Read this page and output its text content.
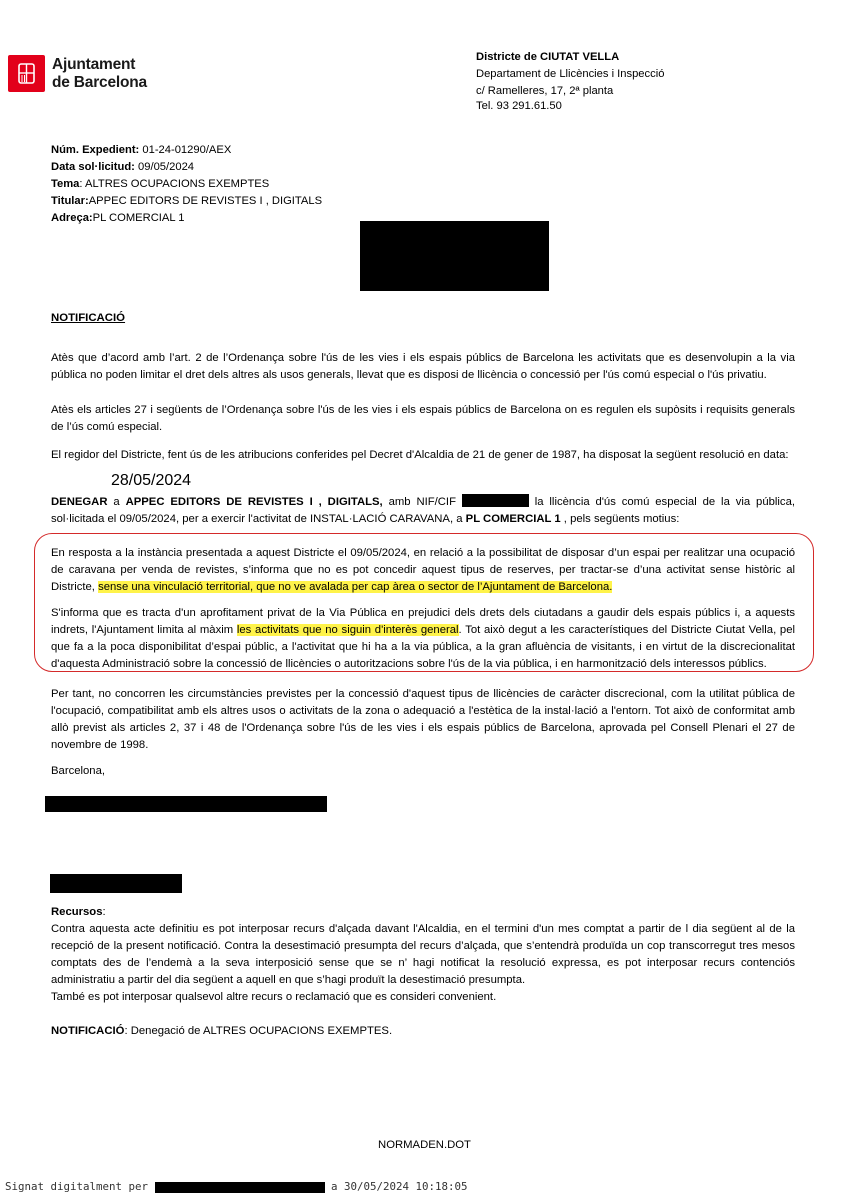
Ajuntament
de Barcelona
Districte de CIUTAT VELLA
Departament de Llicències i Inspecció
c/ Ramelleres, 17, 2ª planta
Tel. 93 291.61.50
Núm. Expedient: 01-24-01290/AEX
Data sol·licitud: 09/05/2024
Tema: ALTRES OCUPACIONS EXEMPTES
Titular:APPEC EDITORS DE REVISTES I , DIGITALS
Adreça:PL COMERCIAL 1
NOTIFICACIÓ
Atès que d’acord amb l’art. 2 de l’Ordenança sobre l'ús de les vies i els espais públics de Barcelona les activitats que es desenvolupin a la via pública no poden limitar el dret dels altres als usos generals, llevat que es disposi de llicència o concessió per l'ús comú especial o l'ús privatiu.
Atès els articles 27 i següents de l’Ordenança sobre l'ús de les vies i els espais públics de Barcelona on es regulen els supòsits i requisits generals de l’ús comú especial.
El regidor del Districte, fent ús de les atribucions conferides pel Decret d'Alcaldia de 21 de gener de 1987, ha disposat la següent resolució en data:
28/05/2024
DENEGAR a APPEC EDITORS DE REVISTES I , DIGITALS, amb NIF/CIF	la llicència d'ús comú especial de la via pública, sol·licitada el 09/05/2024, per a exercir l'activitat de INSTAL·LACIÓ CARAVANA, a PL COMERCIAL 1 , pels següents motius:
En resposta a la instància presentada a aquest Districte el 09/05/2024, en relació a la possibilitat de disposar d’un espai per realitzar una ocupació de caravana per venda de revistes, s’informa que no es pot concedir aquest tipus de reserves, per tractar-se d’una activitat sense històric al Districte, sense una vinculació territorial, que no ve avalada per cap àrea o sector de l’Ajuntament de Barcelona.
S'informa que es tracta d'un aprofitament privat de la Via Pública en prejudici dels drets dels ciutadans a gaudir dels espais públics i, a aquests indrets, l'Ajuntament limita al màxim les activitats que no siguin d'interès general. Tot això degut a les característiques del Districte Ciutat Vella, pel que fa a la poca disponibilitat d’espai públic, a l'activitat que hi ha a la via pública, a la gran afluència de visitants, i en virtut de la discrecionalitat d'aquesta Administració sobre la concessió de llicències o autoritzacions sobre l'ús de la via pública, i en harmonització dels interessos públics.
Per tant, no concorren les circumstàncies previstes per la concessió d'aquest tipus de llicències de caràcter discrecional, com la utilitat pública de l'ocupació, compatibilitat amb els altres usos o activitats de la zona o adequació a l'estètica de la instal·lació a l'entorn. Tot això de conformitat amb allò previst als articles 2, 37 i 48 de l'Ordenança sobre l'ús de les vies i els espais públics de Barcelona, aprovada pel Consell Plenari el 27 de novembre de 1998.
Barcelona,
Recursos:
Contra aquesta acte definitiu es pot interposar recurs d'alçada davant l'Alcaldia, en el termini d'un mes comptat a partir de l dia següent al de la recepció de la present notificació. Contra la desestimació presumpta del recurs d’alçada, que s’entendrà produïda un cop transcorregut tres mesos comptats des de l’endemà a la seva interposició sense que se n’ hagi notificat la resolució expressa, es pot interposar recurs contenciós administratiu a partir del dia següent a aquell en que s’hagi produït la desestimació presumpta.
També es pot interposar qualsevol altre recurs o reclamació que es consideri convenient.
NOTIFICACIÓ: Denegació de ALTRES OCUPACIONS EXEMPTES.
NORMADEN.DOT
Signat digitalment per	a 30/05/2024 10:18:05
